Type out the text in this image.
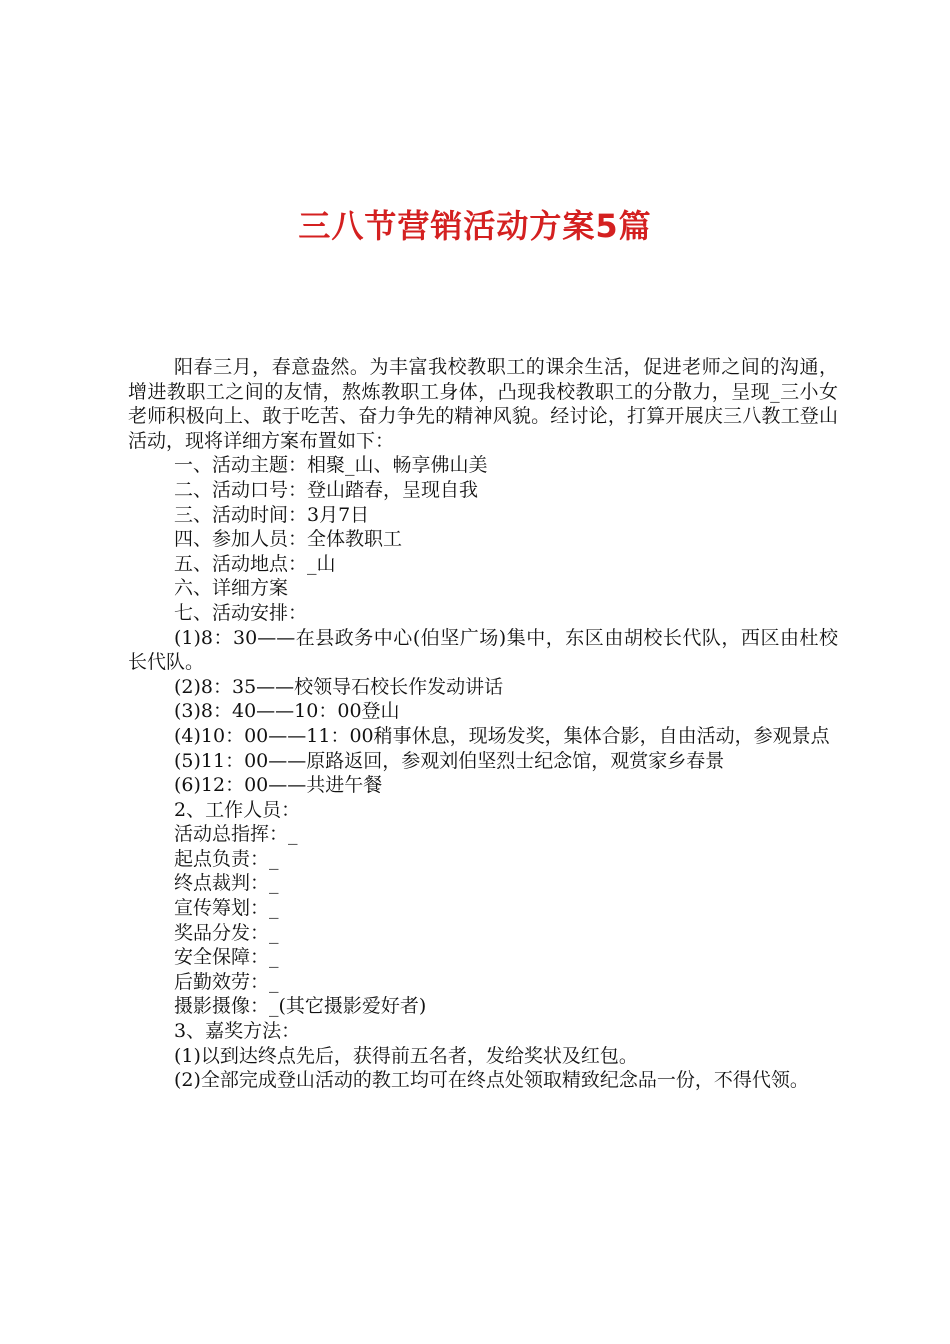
三八节营销活动方案5篇

阳春三月，春意盎然。为丰富我校教职工的课余生活，促进老师之间的沟通，增进教职工之间的友情，熬炼教职工身体，凸现我校教职工的分散力，呈现_三小女老师积极向上、敢于吃苦、奋力争先的精神风貌。经讨论，打算开展庆三八教工登山活动，现将详细方案布置如下：

一、活动主题：相聚_山、畅享佛山美

二、活动口号：登山踏春，呈现自我

三、活动时间：3月7日

四、参加人员：全体教职工

五、活动地点：_山

六、详细方案

七、活动安排：

(1)8：30——在县政务中心(伯坚广场)集中，东区由胡校长代队，西区由杜校长代队。

(2)8：35——校领导石校长作发动讲话

(3)8：40——10：00登山

(4)10：00——11：00稍事休息，现场发奖，集体合影，自由活动，参观景点

(5)11：00——原路返回，参观刘伯坚烈士纪念馆，观赏家乡春景

(6)12：00——共进午餐

2、工作人员：

活动总指挥：_

起点负责：_

终点裁判：_

宣传筹划：_

奖品分发：_

安全保障：_

后勤效劳：_

摄影摄像：_(其它摄影爱好者)

3、嘉奖方法：

(1)以到达终点先后，获得前五名者，发给奖状及红包。

(2)全部完成登山活动的教工均可在终点处领取精致纪念品一份，不得代领。
